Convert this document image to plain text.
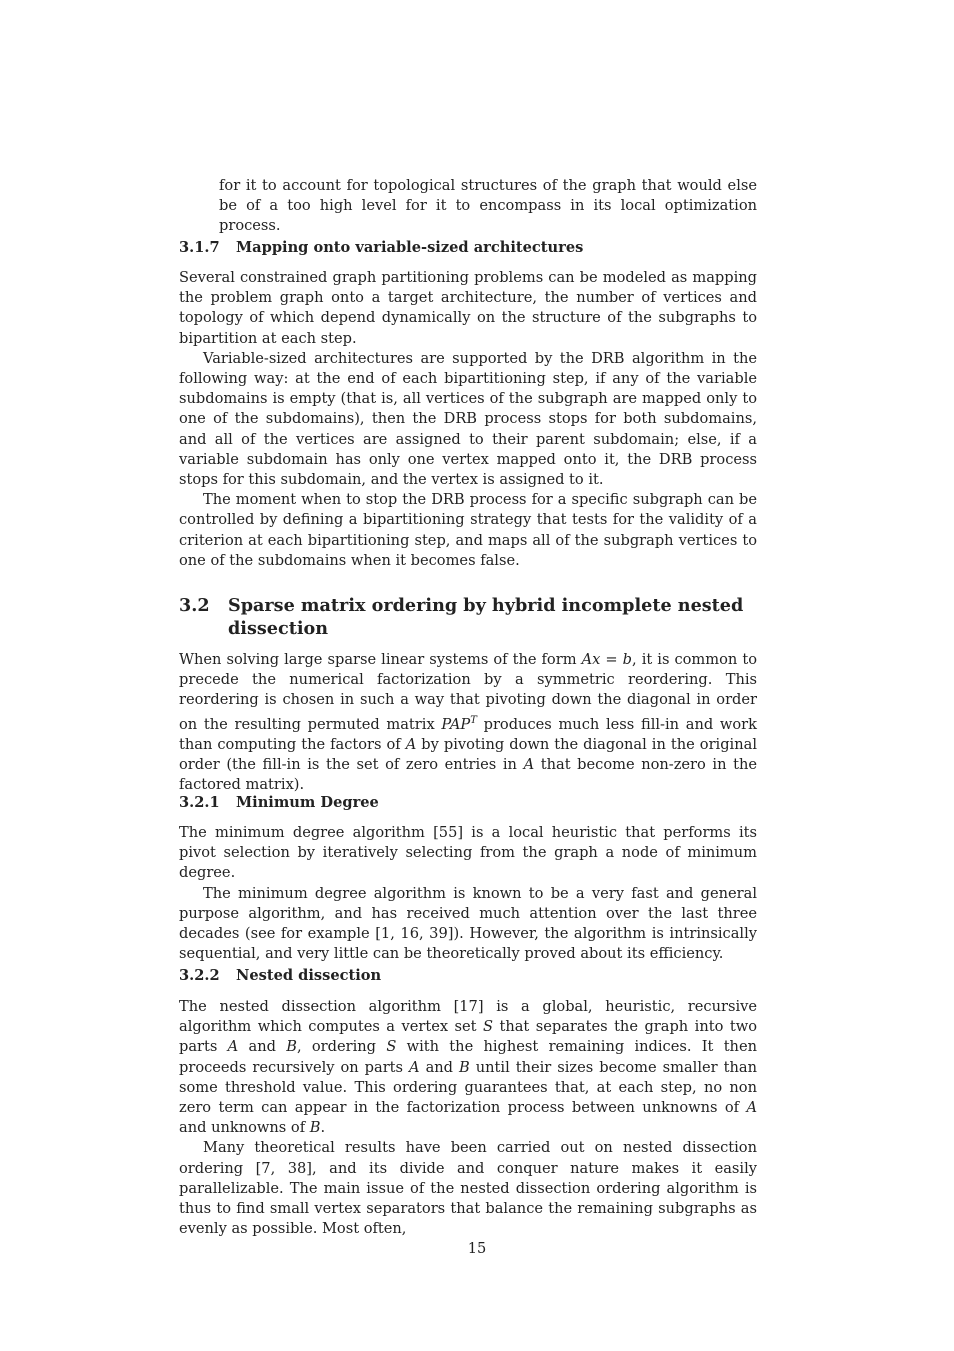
for it to account for topological structures of the graph that would else be of a too high level for it to encompass in its local optimization process.

3.1.7 Mapping onto variable-sized architectures

Several constrained graph partitioning problems can be modeled as mapping the problem graph onto a target architecture, the number of vertices and topology of which depend dynamically on the structure of the subgraphs to bipartition at each step.

Variable-sized architectures are supported by the DRB algorithm in the following way: at the end of each bipartitioning step, if any of the variable subdomains is empty (that is, all vertices of the subgraph are mapped only to one of the subdomains), then the DRB process stops for both subdomains, and all of the vertices are assigned to their parent subdomain; else, if a variable subdomain has only one vertex mapped onto it, the DRB process stops for this subdomain, and the vertex is assigned to it.

The moment when to stop the DRB process for a specific subgraph can be controlled by defining a bipartitioning strategy that tests for the validity of a criterion at each bipartitioning step, and maps all of the subgraph vertices to one of the subdomains when it becomes false.

3.2	Sparse matrix ordering by hybrid incomplete nested dissection

When solving large sparse linear systems of the form Ax = b, it is common to precede the numerical factorization by a symmetric reordering. This reordering is chosen in such a way that pivoting down the diagonal in order on the resulting permuted matrix $PAP^T$ produces much less fill-in and work than computing the factors of A by pivoting down the diagonal in the original order (the fill-in is the set of zero entries in A that become non-zero in the factored matrix).

3.2.1 Minimum Degree

The minimum degree algorithm [55] is a local heuristic that performs its pivot selection by iteratively selecting from the graph a node of minimum degree.

The minimum degree algorithm is known to be a very fast and general purpose algorithm, and has received much attention over the last three decades (see for example [1, 16, 39]). However, the algorithm is intrinsically sequential, and very little can be theoretically proved about its efficiency.

3.2.2 Nested dissection

The nested dissection algorithm [17] is a global, heuristic, recursive algorithm which computes a vertex set S that separates the graph into two parts A and B, ordering S with the highest remaining indices. It then proceeds recursively on parts A and B until their sizes become smaller than some threshold value. This ordering guarantees that, at each step, no non zero term can appear in the factorization process between unknowns of A and unknowns of B.

Many theoretical results have been carried out on nested dissection ordering [7, 38], and its divide and conquer nature makes it easily parallelizable. The main issue of the nested dissection ordering algorithm is thus to find small vertex separators that balance the remaining subgraphs as evenly as possible. Most often,

15
